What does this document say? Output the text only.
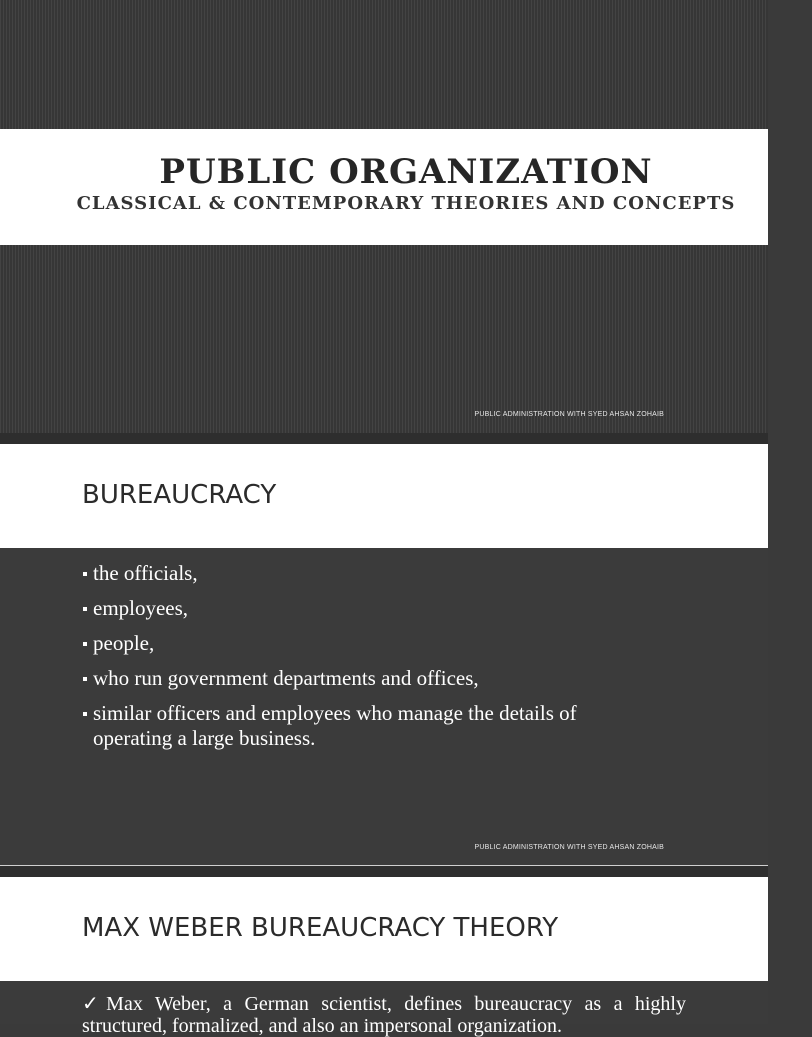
PUBLIC ORGANIZATION
CLASSICAL & CONTEMPORARY THEORIES AND CONCEPTS
PUBLIC ADMINISTRATION WITH SYED AHSAN ZOHAIB
BUREAUCRACY
the officials,
employees,
people,
who run government departments and offices,
similar officers and employees who manage the details of operating a large business.
PUBLIC ADMINISTRATION WITH SYED AHSAN ZOHAIB
MAX WEBER BUREAUCRACY THEORY
✓Max Weber, a German scientist, defines bureaucracy as a highly structured, formalized, and also an impersonal organization.
